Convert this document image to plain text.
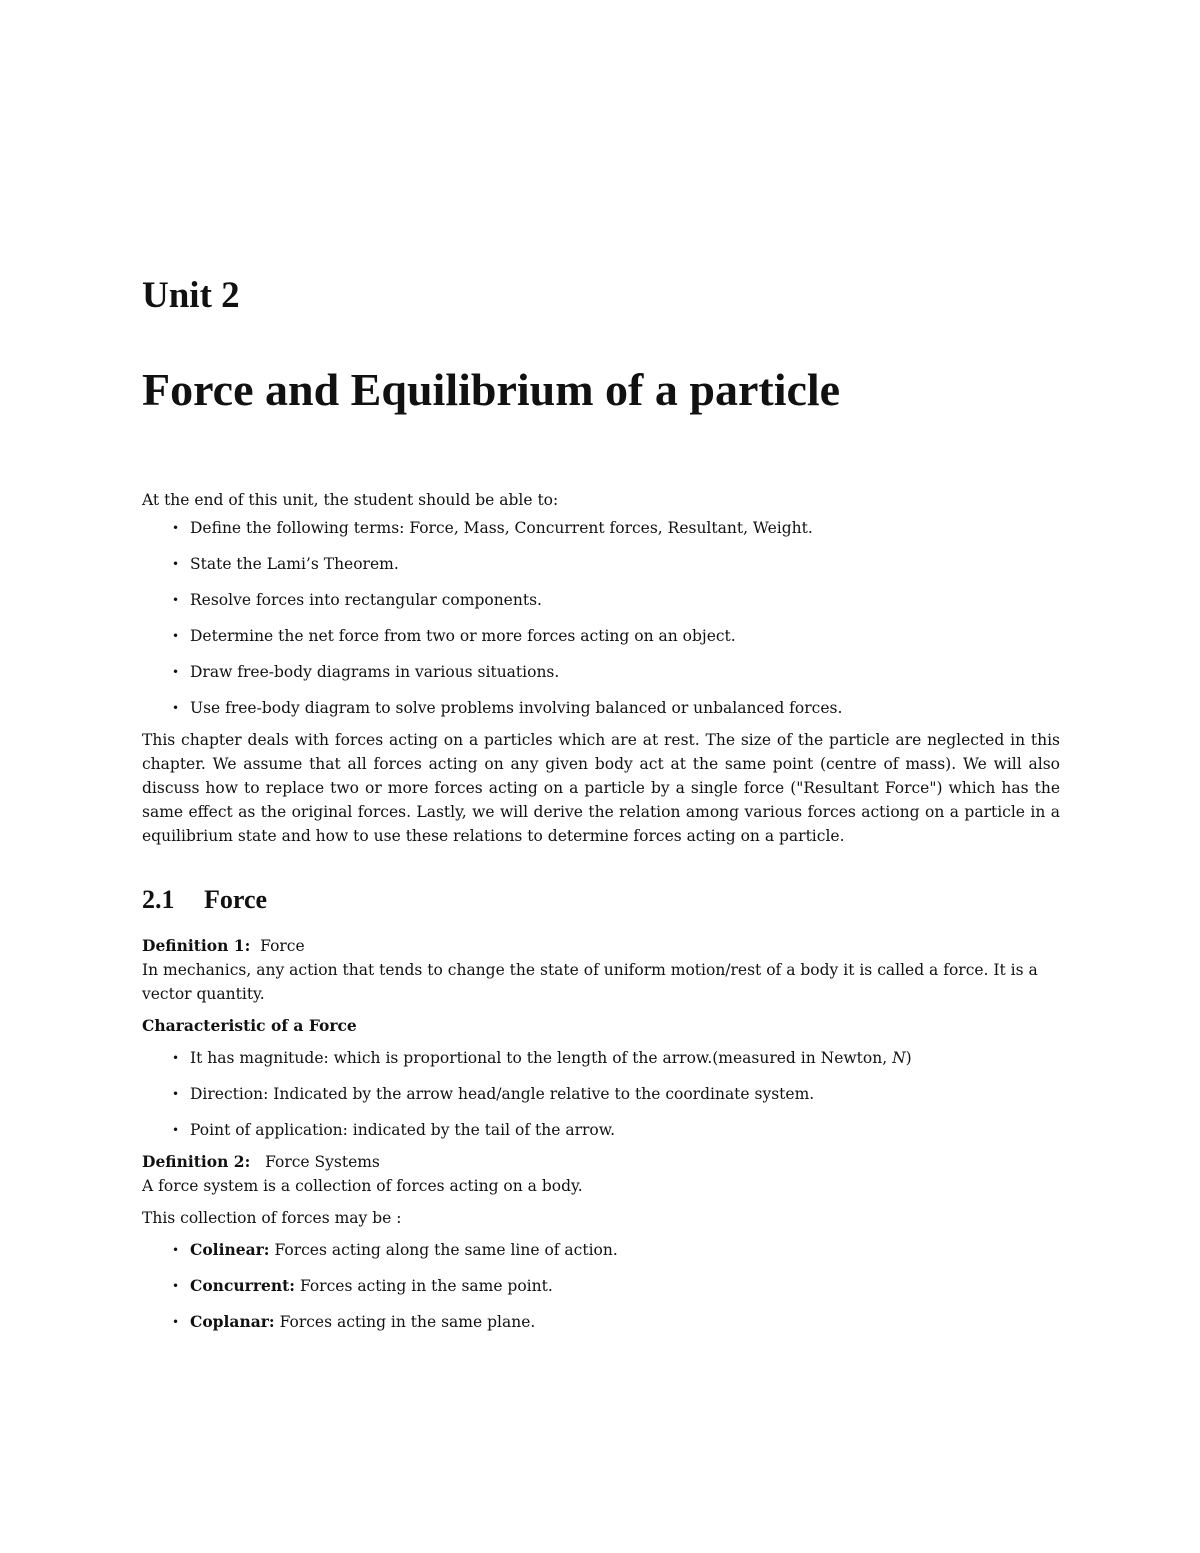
Unit 2
Force and Equilibrium of a particle

At the end of this unit, the student should be able to:

• Define the following terms: Force, Mass, Concurrent forces, Resultant, Weight.
• State the Lami’s Theorem.
• Resolve forces into rectangular components.
• Determine the net force from two or more forces acting on an object.
• Draw free-body diagrams in various situations.
• Use free-body diagram to solve problems involving balanced or unbalanced forces.

This chapter deals with forces acting on a particles which are at rest. The size of the particle are neglected in this chapter. We assume that all forces acting on any given body act at the same point (centre of mass). We will also discuss how to replace two or more forces acting on a particle by a single force ("Resultant Force") which has the same effect as the original forces. Lastly, we will derive the relation among various forces actiong on a particle in a equilibrium state and how to use these relations to determine forces acting on a particle.

2.1 Force

Definition 1: Force
In mechanics, any action that tends to change the state of uniform motion/rest of a body it is called a force. It is a vector quantity.

Characteristic of a Force

• It has magnitude: which is proportional to the length of the arrow.(measured in Newton, N)
• Direction: Indicated by the arrow head/angle relative to the coordinate system.
• Point of application: indicated by the tail of the arrow.

Definition 2: Force Systems
A force system is a collection of forces acting on a body.

This collection of forces may be :

• Colinear: Forces acting along the same line of action.
• Concurrent: Forces acting in the same point.
• Coplanar: Forces acting in the same plane.
